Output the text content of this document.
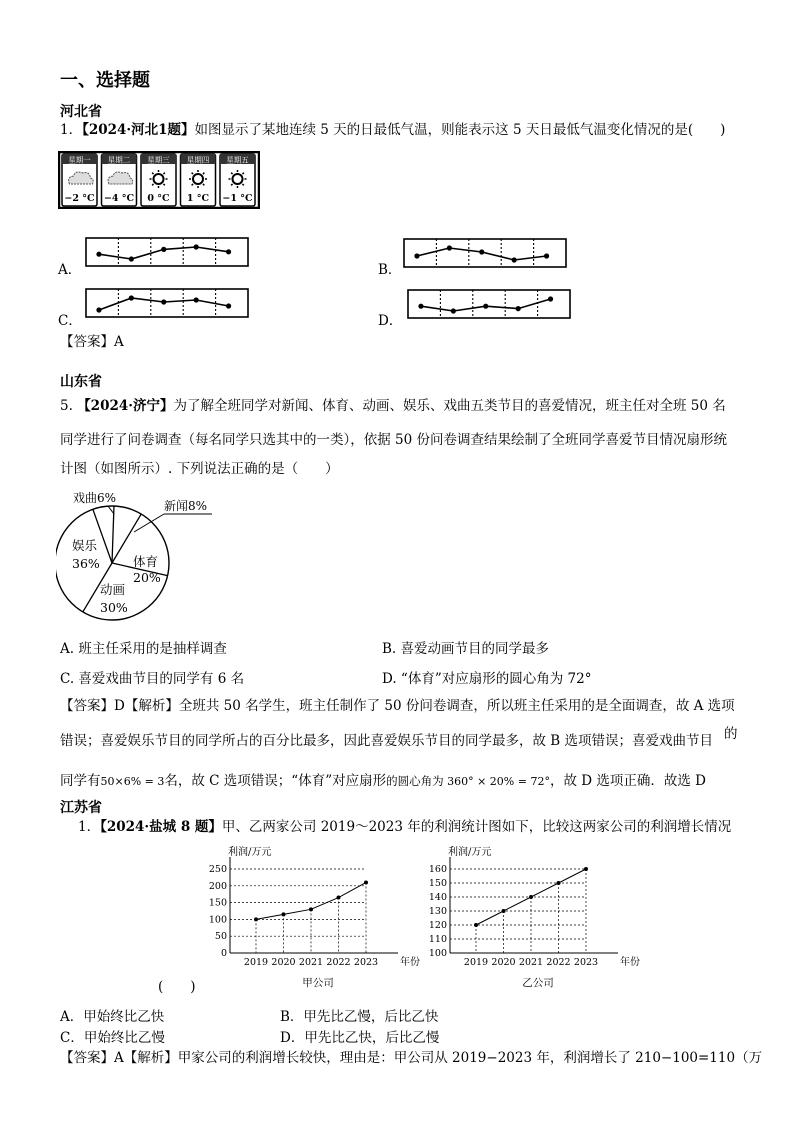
一、选择题
河北省
1．【2024·河北1题】如图显示了某地连续 5 天的日最低气温，则能表示这 5 天日最低气温变化情况的是(　　)
星期一
−2 °C
星期二
−4 °C
星期三
0 °C
星期四
1 °C
星期五
−1 °C
A．	B．
C．	D．
【答案】A
山东省
5. 【2024·济宁】为了解全班同学对新闻、体育、动画、娱乐、戏曲五类节目的喜爱情况，班主任对全班 50 名
同学进行了问卷调查（每名同学只选其中的一类），依据 50 份问卷调查结果绘制了全班同学喜爱节目情况扇形统
计图（如图所示）. 下列说法正确的是（　　）
戏曲6%
新闻8%
娱乐
36%	体育
20%
动画
30%
A. 班主任采用的是抽样调查	B. 喜爱动画节目的同学最多
C. 喜爱戏曲节目的同学有 6 名	D. “体育”对应扇形的圆心角为 72°
【答案】D【解析】全班共 50 名学生，班主任制作了 50 份问卷调查，所以班主任采用的是全面调查，故 A 选项
错误；喜爱娱乐节目的同学所占的百分比最多，因此喜爱娱乐节目的同学最多，故 B 选项错误；喜爱戏曲节目 的
同学有50×6% = 3名，故 C 选项错误；“体育”对应扇形的圆心角为 360° × 20% = 72°，故 D 选项正确．故选 D
江苏省
1．【2024·盐城 8 题】甲、乙两家公司 2019～2023 年的利润统计图如下，比较这两家公司的利润增长情况
利润/万元
0
50
100
150
200
250
2019 2020 2021 2022 2023 年份
甲公司
利润/万元
100
110
120
130
140
150
160
2019 2020 2021 2022 2023 年份
乙公司
(　　)
A．甲始终比乙快	B．甲先比乙慢，后比乙快
C．甲始终比乙慢	D．甲先比乙快，后比乙慢
【答案】A【解析】甲家公司的利润增长较快，理由是：甲公司从 2019−2023 年，利润增长了 210−100=110（万
